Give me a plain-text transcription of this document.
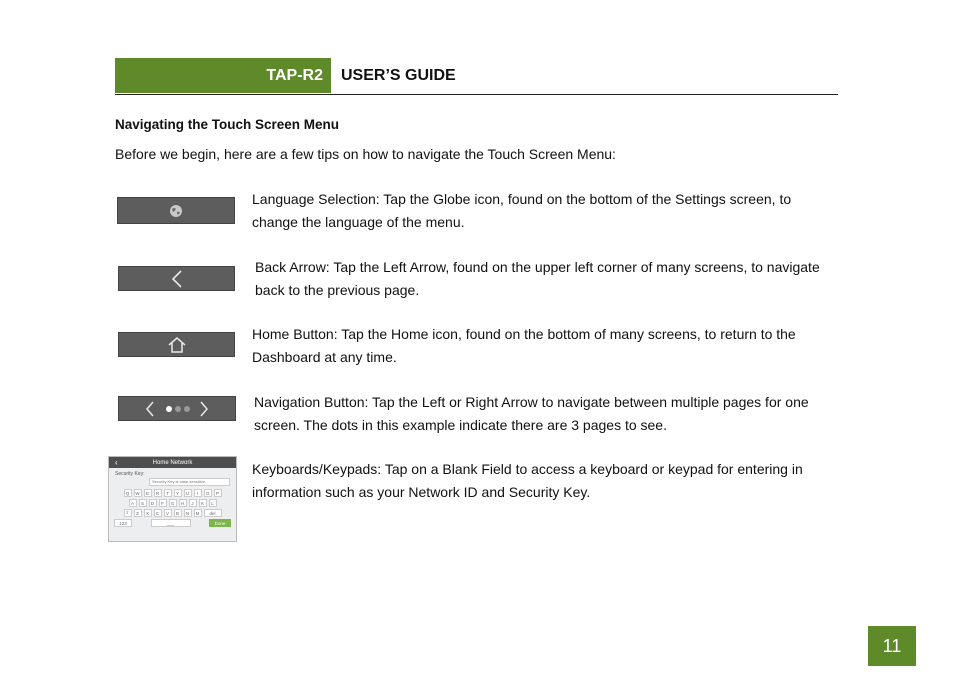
TAP-R2	USER’S GUIDE
Navigating the Touch Screen Menu
Before we begin, here are a few tips on how to navigate the Touch Screen Menu:
Language Selection: Tap the Globe icon, found on the bottom of the Settings screen, to change the language of the menu.
Back Arrow: Tap the Left Arrow, found on the upper left corner of many screens, to navigate back to the previous page.
Home Button: Tap the Home icon, found on the bottom of many screens, to return to the Dashboard at any time.
Navigation Button: Tap the Left or Right Arrow to navigate between multiple pages for one screen. The dots in this example indicate there are 3 pages to see.
‹	Home Network
Security Key:
Security Key is case-sensitive.
Q	W	E	R	T	Y	U	I	O	P
A	S	D	F	G	H	J	K	L
⇧	Z	X	C	V	B	N	M	del
123	___	Done
Keyboards/Keypads: Tap on a Blank Field to access a keyboard or keypad for entering in information such as your Network ID and Security Key.
11
